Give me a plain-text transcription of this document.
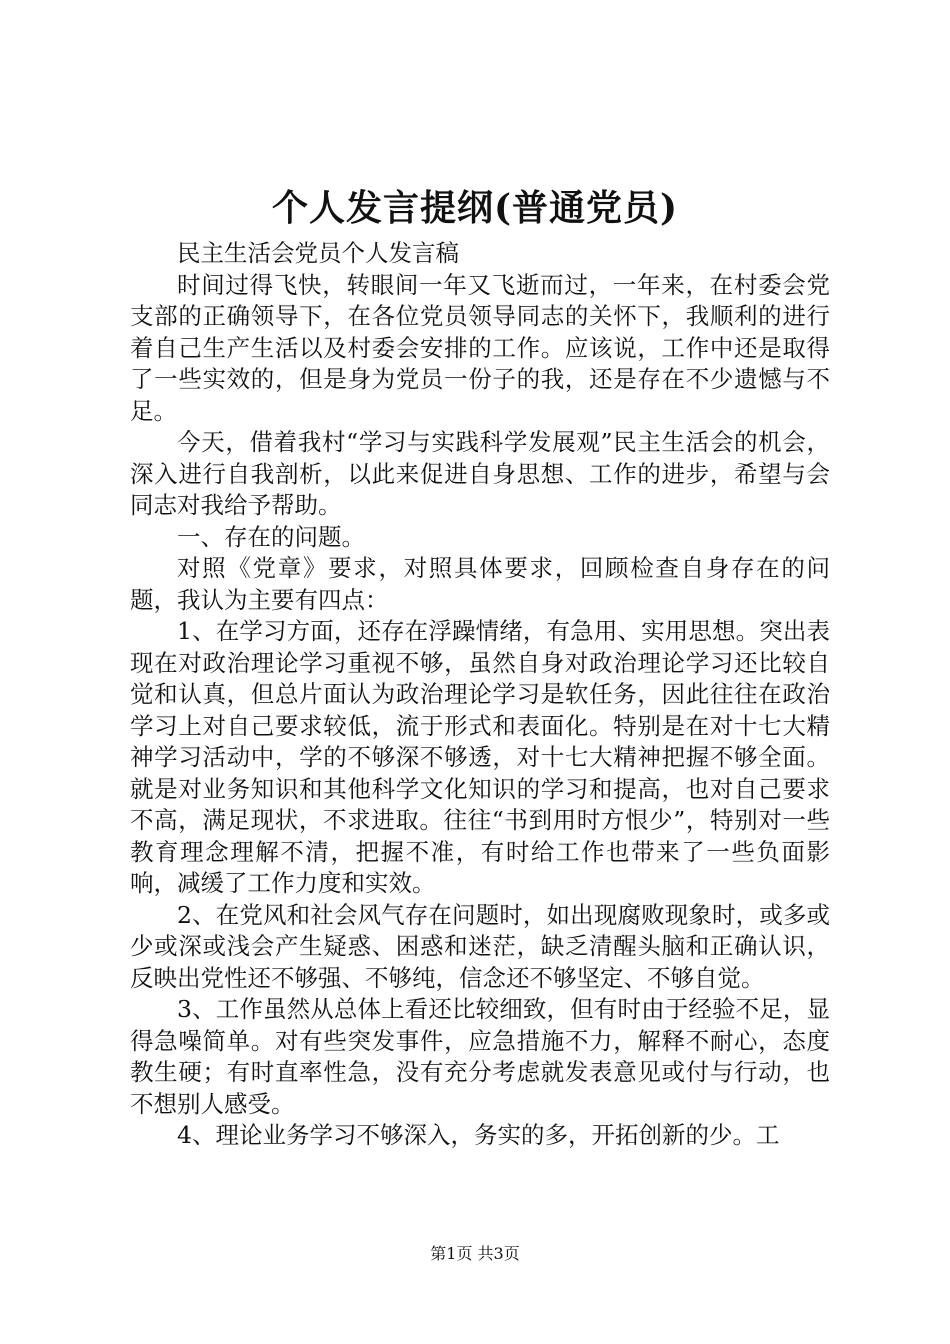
个人发言提纲(普通党员)

民主生活会党员个人发言稿

时间过得飞快，转眼间一年又飞逝而过，一年来，在村委会党支部的正确领导下，在各位党员领导同志的关怀下，我顺利的进行着自己生产生活以及村委会安排的工作。应该说，工作中还是取得了一些实效的，但是身为党员一份子的我，还是存在不少遗憾与不足。

今天，借着我村“学习与实践科学发展观”民主生活会的机会，深入进行自我剖析，以此来促进自身思想、工作的进步，希望与会同志对我给予帮助。

一、存在的问题。

对照《党章》要求，对照具体要求，回顾检查自身存在的问题，我认为主要有四点：

1、在学习方面，还存在浮躁情绪，有急用、实用思想。突出表现在对政治理论学习重视不够，虽然自身对政治理论学习还比较自觉和认真，但总片面认为政治理论学习是软任务，因此往往在政治学习上对自己要求较低，流于形式和表面化。特别是在对十七大精神学习活动中，学的不够深不够透，对十七大精神把握不够全面。就是对业务知识和其他科学文化知识的学习和提高，也对自己要求不高，满足现状，不求进取。往往“书到用时方恨少”，特别对一些教育理念理解不清，把握不准，有时给工作也带来了一些负面影响，减缓了工作力度和实效。

2、在党风和社会风气存在问题时，如出现腐败现象时，或多或少或深或浅会产生疑惑、困惑和迷茫，缺乏清醒头脑和正确认识，反映出党性还不够强、不够纯，信念还不够坚定、不够自觉。

3、工作虽然从总体上看还比较细致，但有时由于经验不足，显得急噪简单。对有些突发事件，应急措施不力，解释不耐心，态度教生硬；有时直率性急，没有充分考虑就发表意见或付与行动，也不想别人感受。

4、理论业务学习不够深入，务实的多，开拓创新的少。工

第1页 共3页
